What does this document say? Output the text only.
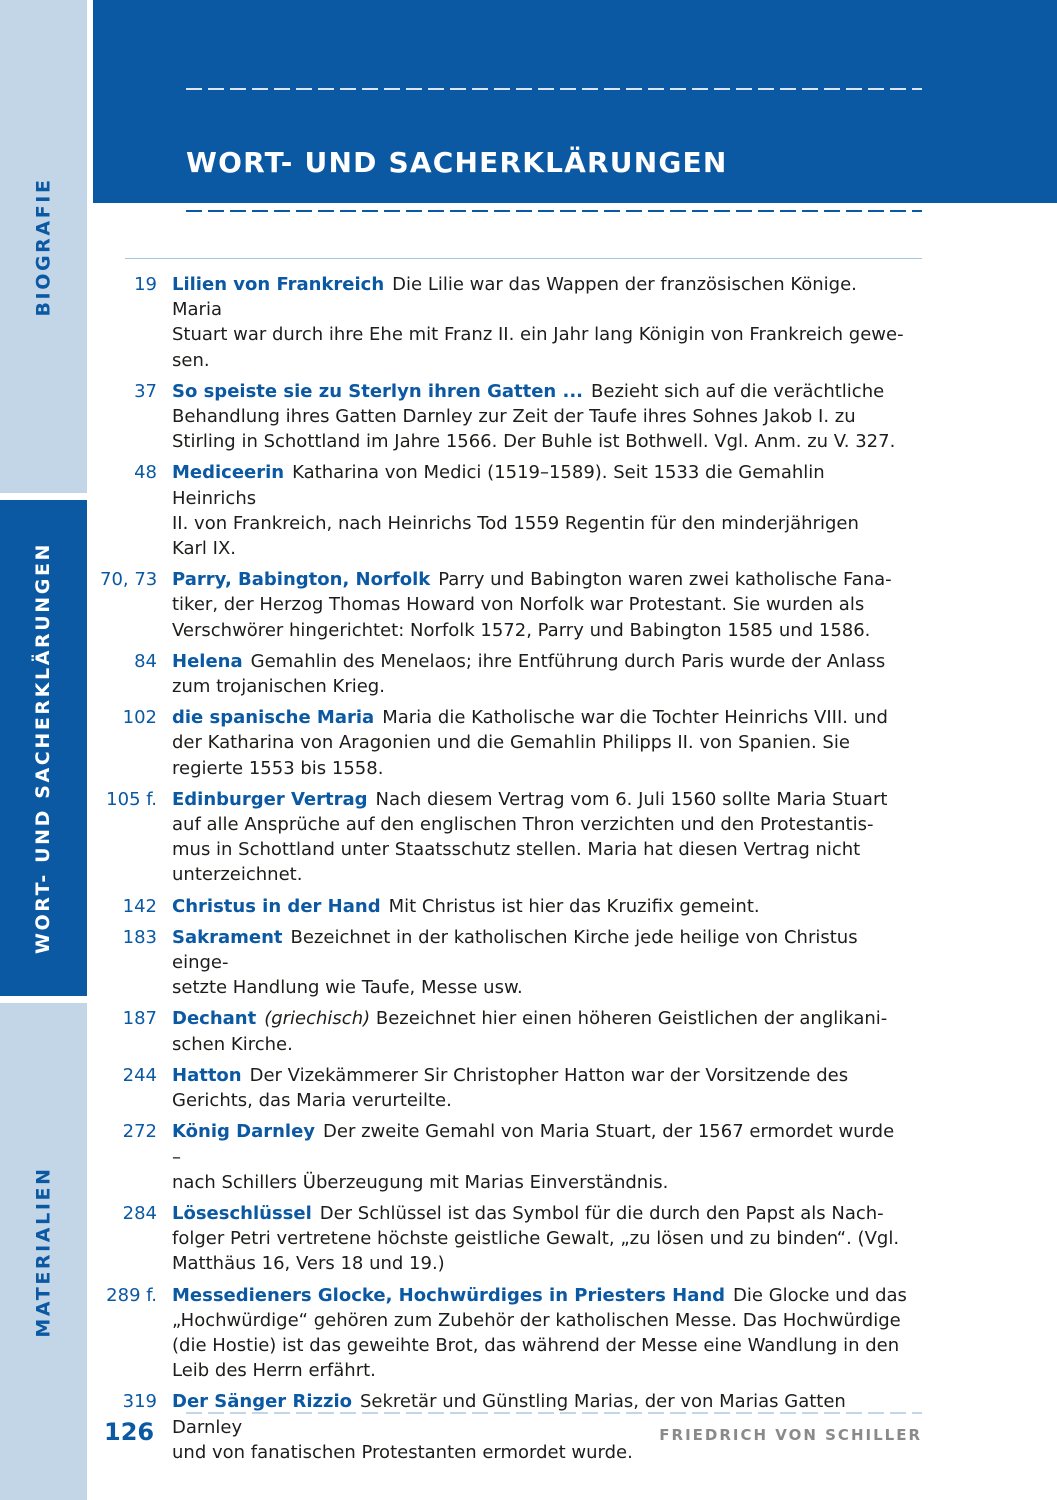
BIOGRAFIE
WORT- UND SACHERKLÄRUNGEN
MATERIALIEN
WORT- UND SACHERKLÄRUNGEN
19 Lilien von Frankreich Die Lilie war das Wappen der französischen Könige. Maria
Stuart war durch ihre Ehe mit Franz II. ein Jahr lang Königin von Frankreich gewe-
sen.
37 So speiste sie zu Sterlyn ihren Gatten ... Bezieht sich auf die verächtliche
Behandlung ihres Gatten Darnley zur Zeit der Taufe ihres Sohnes Jakob I. zu
Stirling in Schottland im Jahre 1566. Der Buhle ist Bothwell. Vgl. Anm. zu V. 327.
48 Mediceerin Katharina von Medici (1519–1589). Seit 1533 die Gemahlin Heinrichs
II. von Frankreich, nach Heinrichs Tod 1559 Regentin für den minderjährigen
Karl IX.
70, 73 Parry, Babington, Norfolk Parry und Babington waren zwei katholische Fana-
tiker, der Herzog Thomas Howard von Norfolk war Protestant. Sie wurden als
Verschwörer hingerichtet: Norfolk 1572, Parry und Babington 1585 und 1586.
84 Helena Gemahlin des Menelaos; ihre Entführung durch Paris wurde der Anlass
zum trojanischen Krieg.
102 die spanische Maria Maria die Katholische war die Tochter Heinrichs VIII. und
der Katharina von Aragonien und die Gemahlin Philipps II. von Spanien. Sie
regierte 1553 bis 1558.
105 f. Edinburger Vertrag Nach diesem Vertrag vom 6. Juli 1560 sollte Maria Stuart
auf alle Ansprüche auf den englischen Thron verzichten und den Protestantis-
mus in Schottland unter Staatsschutz stellen. Maria hat diesen Vertrag nicht
unterzeichnet.
142 Christus in der Hand Mit Christus ist hier das Kruzifix gemeint.
183 Sakrament Bezeichnet in der katholischen Kirche jede heilige von Christus einge-
setzte Handlung wie Taufe, Messe usw.
187 Dechant (griechisch) Bezeichnet hier einen höheren Geistlichen der anglikani-
schen Kirche.
244 Hatton Der Vizekämmerer Sir Christopher Hatton war der Vorsitzende des
Gerichts, das Maria verurteilte.
272 König Darnley Der zweite Gemahl von Maria Stuart, der 1567 ermordet wurde –
nach Schillers Überzeugung mit Marias Einverständnis.
284 Löseschlüssel Der Schlüssel ist das Symbol für die durch den Papst als Nach-
folger Petri vertretene höchste geistliche Gewalt, „zu lösen und zu binden“. (Vgl.
Matthäus 16, Vers 18 und 19.)
289 f. Messedieners Glocke, Hochwürdiges in Priesters Hand Die Glocke und das
„Hochwürdige“ gehören zum Zubehör der katholischen Messe. Das Hochwürdige
(die Hostie) ist das geweihte Brot, das während der Messe eine Wandlung in den
Leib des Herrn erfährt.
319 Der Sänger Rizzio Sekretär und Günstling Marias, der von Marias Gatten Darnley
und von fanatischen Protestanten ermordet wurde.
126	FRIEDRICH VON SCHILLER
